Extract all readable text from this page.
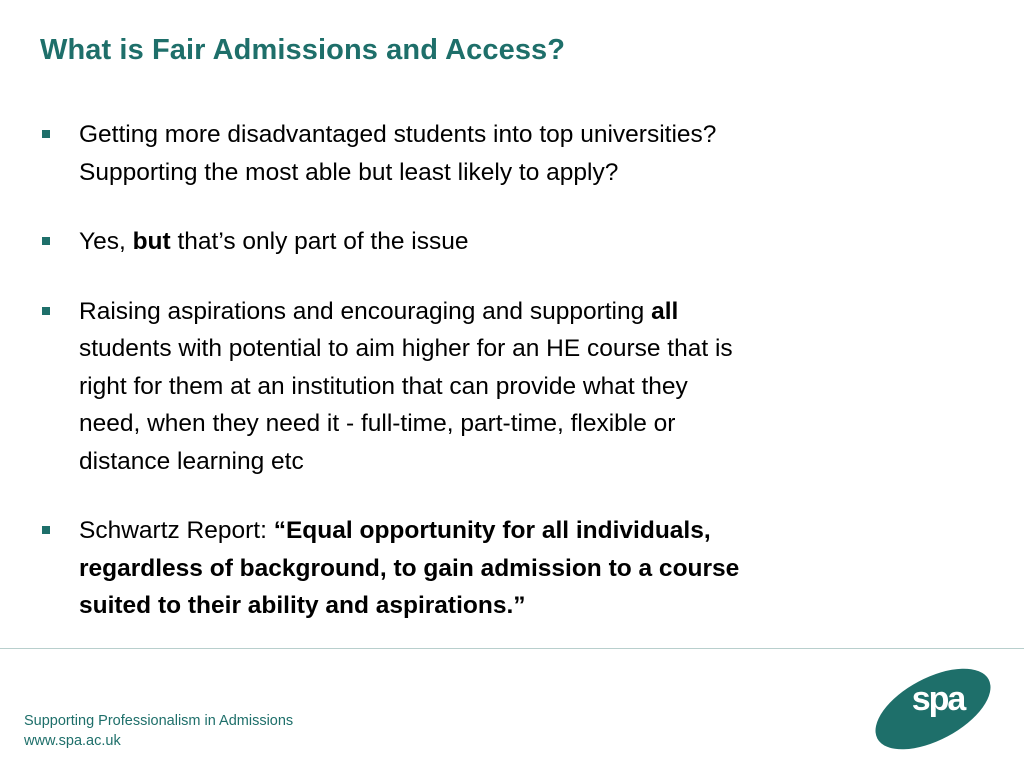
What is Fair Admissions and Access?
Getting more disadvantaged students into top universities?
Supporting the most able but least likely to apply?
Yes, but that’s only part of the issue
Raising aspirations and encouraging and supporting all
students with potential to aim higher for an HE course that is
right for them at an institution that can provide what they
need, when they need it - full-time, part-time, flexible or
distance learning etc
Schwartz Report: “Equal opportunity for all individuals,
regardless of background, to gain admission to a course
suited to their ability and aspirations.”
Supporting Professionalism in Admissions
www.spa.ac.uk
spa
